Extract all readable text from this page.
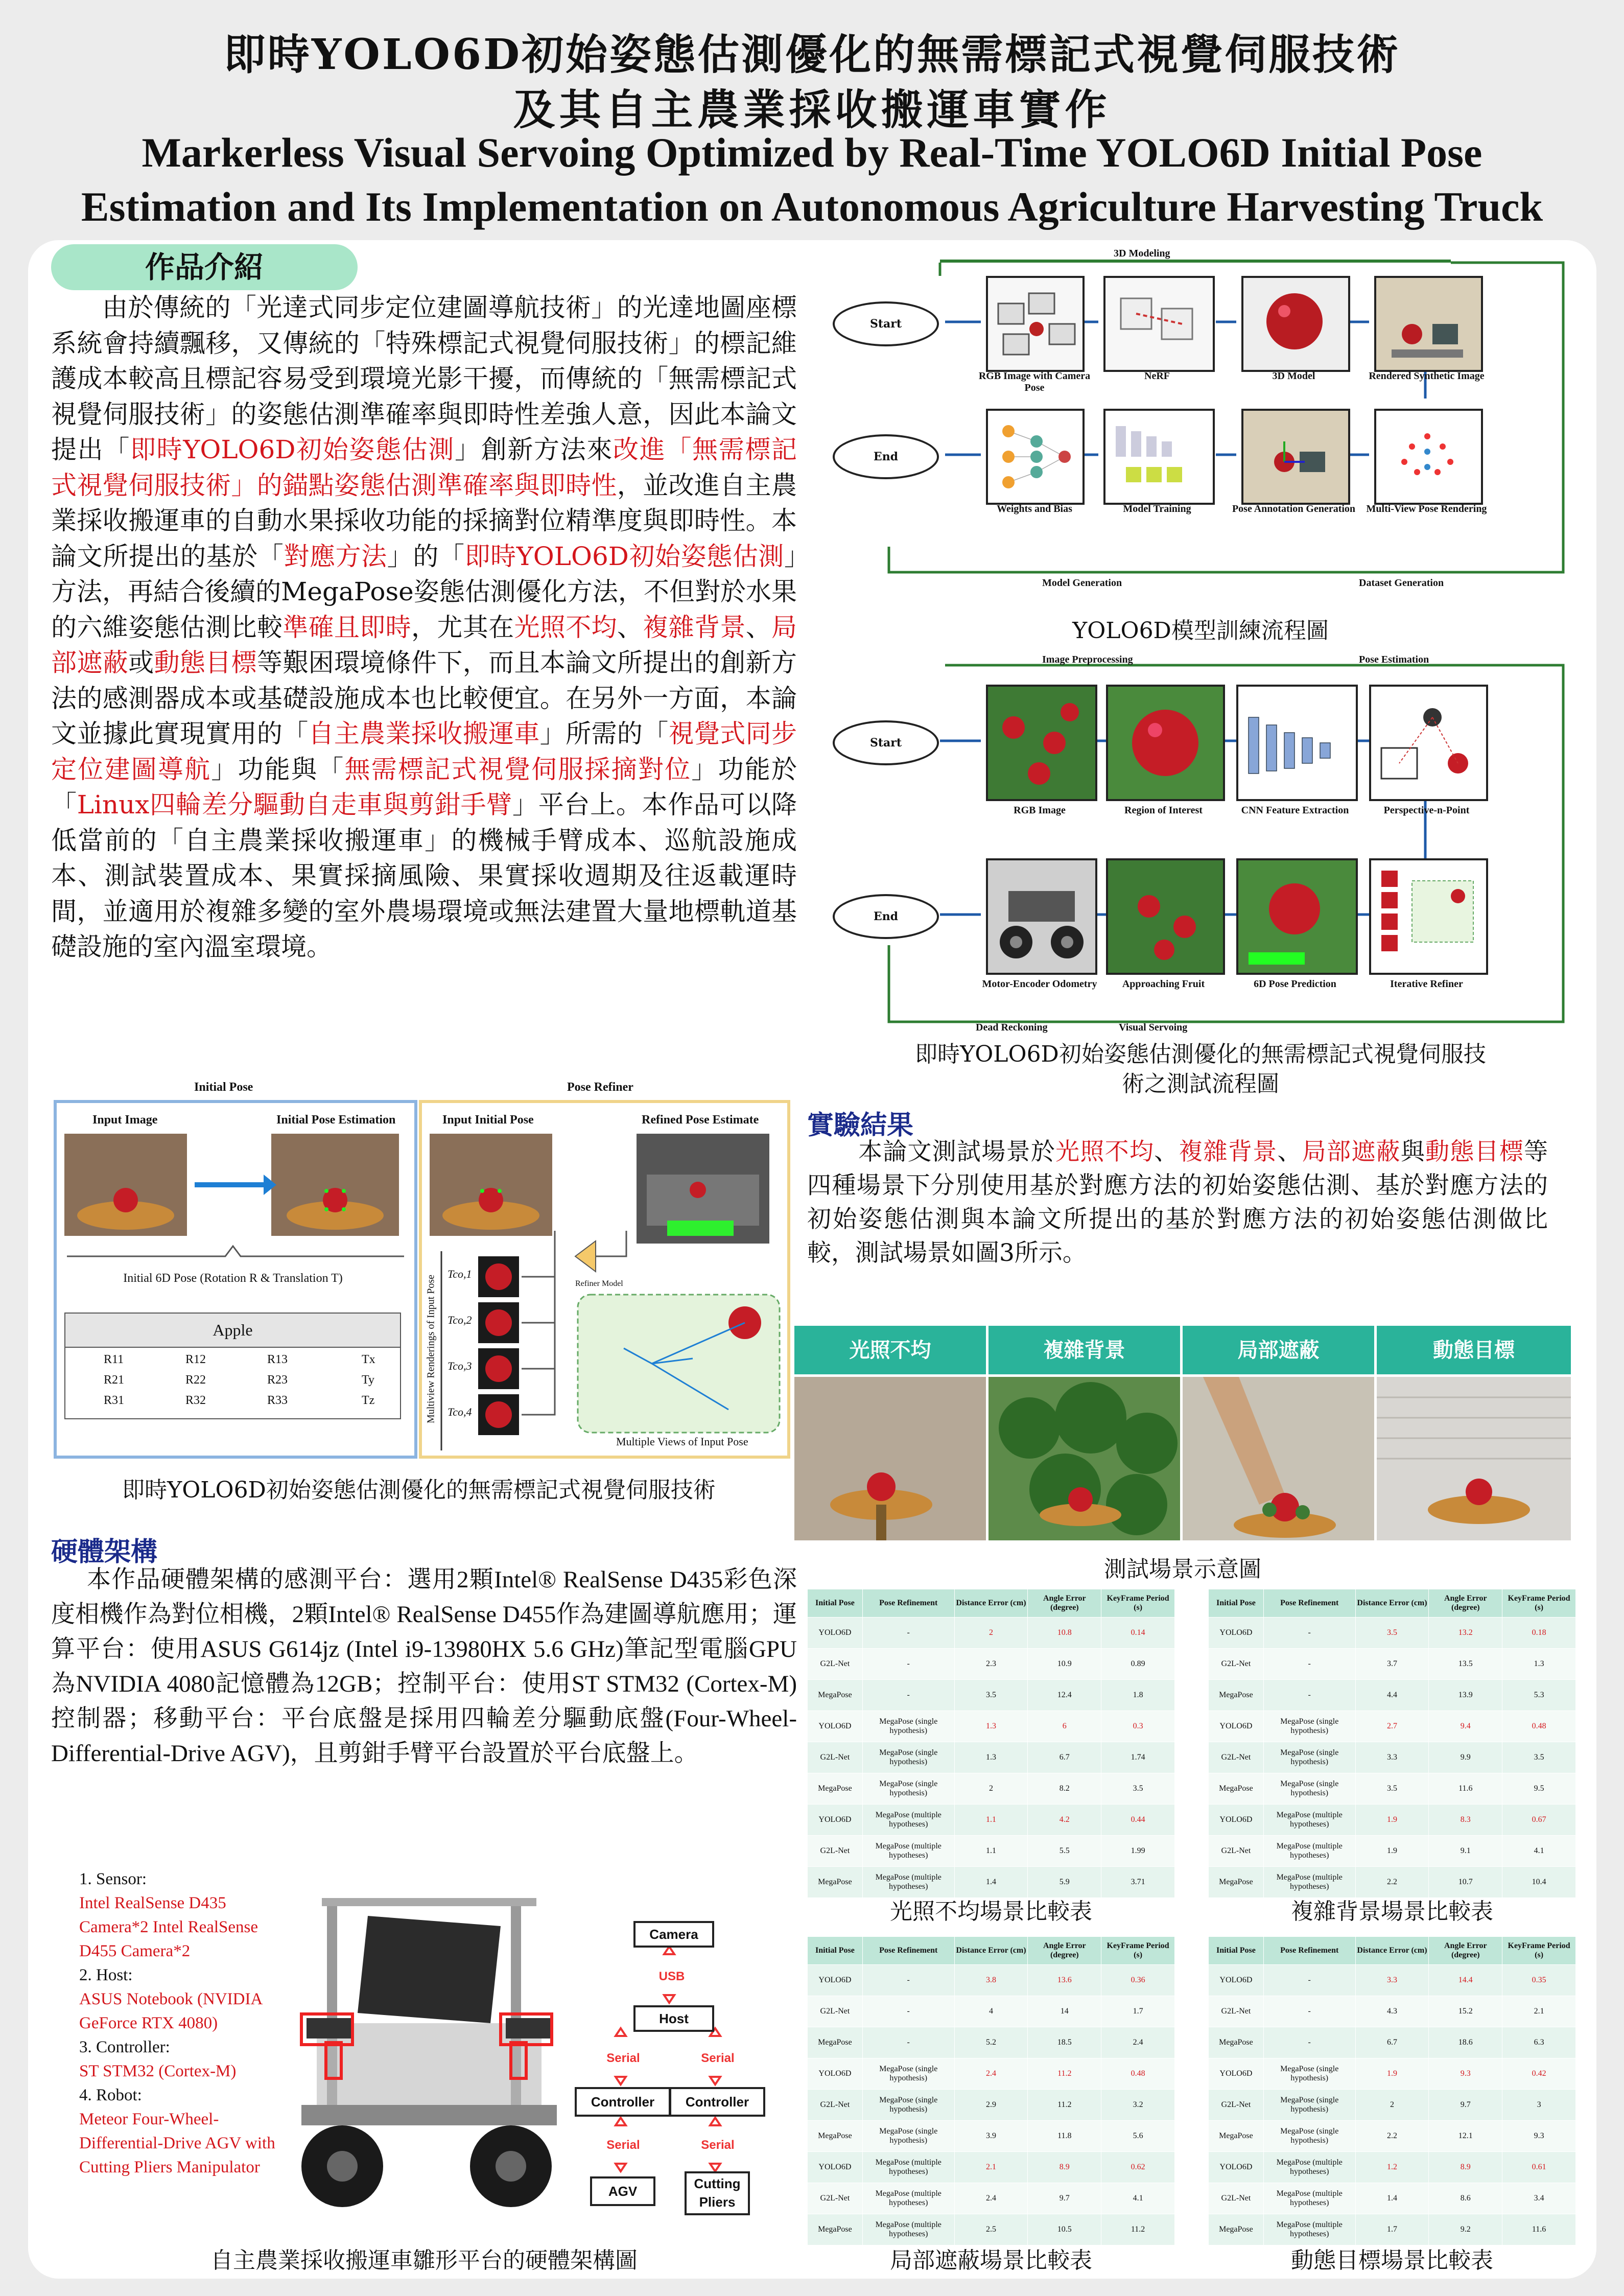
即時YOLO6D初始姿態估測優化的無需標記式視覺伺服技術
及其自主農業採收搬運車實作
Markerless Visual Servoing Optimized by Real-Time YOLO6D Initial Pose
Estimation and Its Implementation on Autonomous Agriculture Harvesting Truck
作品介紹
由於傳統的「光達式同步定位建圖導航技術」的光達地圖座標系統會持續飄移，又傳統的「特殊標記式視覺伺服技術」的標記維護成本較高且標記容易受到環境光影干擾，而傳統的「無需標記式視覺伺服技術」的姿態估測準確率與即時性差強人意，因此本論文提出「即時YOLO6D初始姿態估測」創新方法來改進「無需標記式視覺伺服技術」的錨點姿態估測準確率與即時性，並改進自主農業採收搬運車的自動水果採收功能的採摘對位精準度與即時性。本論文所提出的基於「對應方法」的「即時YOLO6D初始姿態估測」方法，再結合後續的MegaPose姿態估測優化方法，不但對於水果的六維姿態估測比較準確且即時，尤其在光照不均、複雜背景、局部遮蔽或動態目標等艱困環境條件下，而且本論文所提出的創新方法的感測器成本或基礎設施成本也比較便宜。在另外一方面，本論文並據此實現實用的「自主農業採收搬運車」所需的「視覺式同步定位建圖導航」功能與「無需標記式視覺伺服採摘對位」功能於「Linux四輪差分驅動自走車與剪鉗手臂」平台上。本作品可以降低當前的「自主農業採收搬運車」的機械手臂成本、巡航設施成本、測試裝置成本、果實採摘風險、果實採收週期及往返載運時間，並適用於複雜多變的室外農場環境或無法建置大量地標軌道基礎設施的室內溫室環境。
3D Modeling
Model Generation	Dataset Generation
Start
End
RGB Image with Camera Pose
NeRF	3D Model	Rendered Synthetic Image
Weights and Bias	Model Training	Pose Annotation Generation Multi-View Pose Rendering
YOLO6D模型訓練流程圖
Image Preprocessing	Pose Estimation
Dead Reckoning	Visual Servoing
Start
End
RGB Image	Region of Interest	CNN Feature Extraction	Perspective-n-Point
Motor-Encoder Odometry	Approaching Fruit	6D Pose Prediction	Iterative Refiner
即時YOLO6D初始姿態估測優化的無需標記式視覺伺服技
術之測試流程圖
Initial Pose	Pose Refiner
Input Image	Initial Pose Estimation
Initial 6D Pose (Rotation R & Translation T)
Apple
R11	R12	R13	Tx
R21	R22	R23	Ty
R31	R32	R33	Tz
Input Initial Pose	Refined Pose Estimate
Multiview Renderings of Input Pose
Tco,1
Tco,2
Tco,3
Tco,4
Refiner Model
Multiple Views of Input Pose
即時YOLO6D初始姿態估測優化的無需標記式視覺伺服技術
實驗結果
本論文測試場景於光照不均、複雜背景、局部遮蔽與動態目標等四種場景下分別使用基於對應方法的初始姿態估測、基於對應方法的初始姿態估測與本論文所提出的基於對應方法的初始姿態估測做比較，測試場景如圖3所示。
光照不均	複雜背景	局部遮蔽	動態目標
測試場景示意圖
Initial Pose	Pose Refinement	Distance Error (cm)	Angle Error (degree)	KeyFrame Period (s)
YOLO6D	-	2	10.8	0.14
G2L-Net	-	2.3	10.9	0.89
MegaPose	-	3.5	12.4	1.8
YOLO6D	MegaPose (single hypothesis)	1.3	6	0.3
G2L-Net	MegaPose (single hypothesis)	1.3	6.7	1.74
MegaPose	MegaPose (single hypothesis)	2	8.2	3.5
YOLO6D	MegaPose (multiple hypotheses)	1.1	4.2	0.44
G2L-Net	MegaPose (multiple hypotheses)	1.1	5.5	1.99
MegaPose	MegaPose (multiple hypotheses)	1.4	5.9	3.71
Initial Pose	Pose Refinement	Distance Error (cm)	Angle Error (degree)	KeyFrame Period (s)
YOLO6D	-	3.5	13.2	0.18
G2L-Net	-	3.7	13.5	1.3
MegaPose	-	4.4	13.9	5.3
YOLO6D	MegaPose (single hypothesis)	2.7	9.4	0.48
G2L-Net	MegaPose (single hypothesis)	3.3	9.9	3.5
MegaPose	MegaPose (single hypothesis)	3.5	11.6	9.5
YOLO6D	MegaPose (multiple hypotheses)	1.9	8.3	0.67
G2L-Net	MegaPose (multiple hypotheses)	1.9	9.1	4.1
MegaPose	MegaPose (multiple hypotheses)	2.2	10.7	10.4
光照不均場景比較表	複雜背景場景比較表
Initial Pose	Pose Refinement	Distance Error (cm)	Angle Error (degree)	KeyFrame Period (s)
YOLO6D	-	3.8	13.6	0.36
G2L-Net	-	4	14	1.7
MegaPose	-	5.2	18.5	2.4
YOLO6D	MegaPose (single hypothesis)	2.4	11.2	0.48
G2L-Net	MegaPose (single hypothesis)	2.9	11.2	3.2
MegaPose	MegaPose (single hypothesis)	3.9	11.8	5.6
YOLO6D	MegaPose (multiple hypotheses)	2.1	8.9	0.62
G2L-Net	MegaPose (multiple hypotheses)	2.4	9.7	4.1
MegaPose	MegaPose (multiple hypotheses)	2.5	10.5	11.2
Initial Pose	Pose Refinement	Distance Error (cm)	Angle Error (degree)	KeyFrame Period (s)
YOLO6D	-	3.3	14.4	0.35
G2L-Net	-	4.3	15.2	2.1
MegaPose	-	6.7	18.6	6.3
YOLO6D	MegaPose (single hypothesis)	1.9	9.3	0.42
G2L-Net	MegaPose (single hypothesis)	2	9.7	3
MegaPose	MegaPose (single hypothesis)	2.2	12.1	9.3
YOLO6D	MegaPose (multiple hypotheses)	1.2	8.9	0.61
G2L-Net	MegaPose (multiple hypotheses)	1.4	8.6	3.4
MegaPose	MegaPose (multiple hypotheses)	1.7	9.2	11.6
局部遮蔽場景比較表	動態目標場景比較表
硬體架構
本作品硬體架構的感測平台：選用2顆Intel® RealSense D435彩色深度相機作為對位相機，2顆Intel® RealSense D455作為建圖導航應用；運算平台：使用ASUS G614jz (Intel i9-13980HX 5.6 GHz)筆記型電腦GPU為NVIDIA 4080記憶體為12GB；控制平台：使用ST STM32 (Cortex-M)控制器；移動平台：平台底盤是採用四輪差分驅動底盤(Four-Wheel-Differential-Drive AGV)，且剪鉗手臂平台設置於平台底盤上。
1. Sensor:
Intel RealSense D435 Camera*2 Intel RealSense D455 Camera*2
2. Host:
ASUS Notebook (NVIDIA GeForce RTX 4080)
3. Controller:
ST STM32 (Cortex-M)
4. Robot:
Meteor Four-Wheel-Differential-Drive AGV with Cutting Pliers Manipulator
Camera
USB
Host
Serial	Serial
Controller	Controller
Serial	Serial
AGV	Cutting Pliers
自主農業採收搬運車雛形平台的硬體架構圖
